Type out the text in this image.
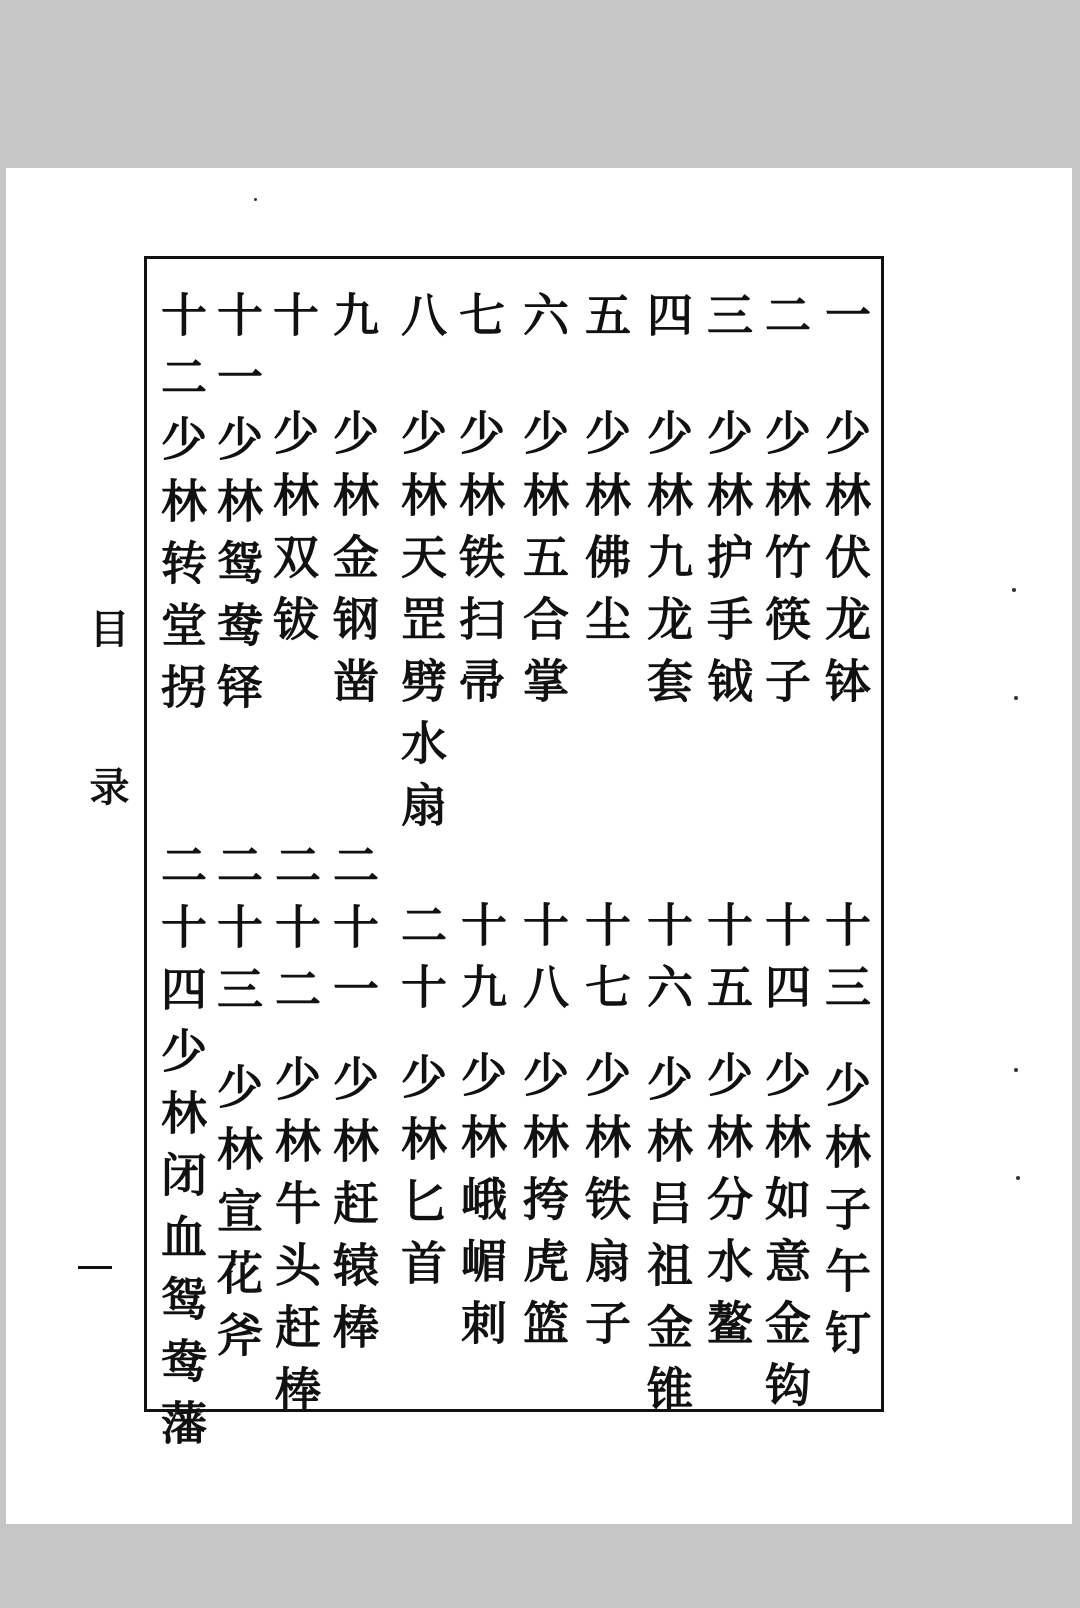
目录
一
少林伏龙钵
二
少林竹筷子
三
少林护手钺
四
少林九龙套
五
少林佛尘
六
少林五合掌
七
少林铁扫帚
八
少林天罡劈水扇
九
少林金钢凿
十
少林双钹
十一
少林鸳鸯铎
十二
少林转堂拐
十三
少林子午钉
十四
少林如意金钩
十五
少林分水鳌
十六
少林吕祖金锥
十七
少林铁扇子
十八
少林挎虎篮
十九
少林峨嵋刺
二十
少林匕首
二十一
少林赶辕棒
二十二
少林牛头赶棒
二十三
少林宣花斧
二十四
少林闭血鸳鸯藩
